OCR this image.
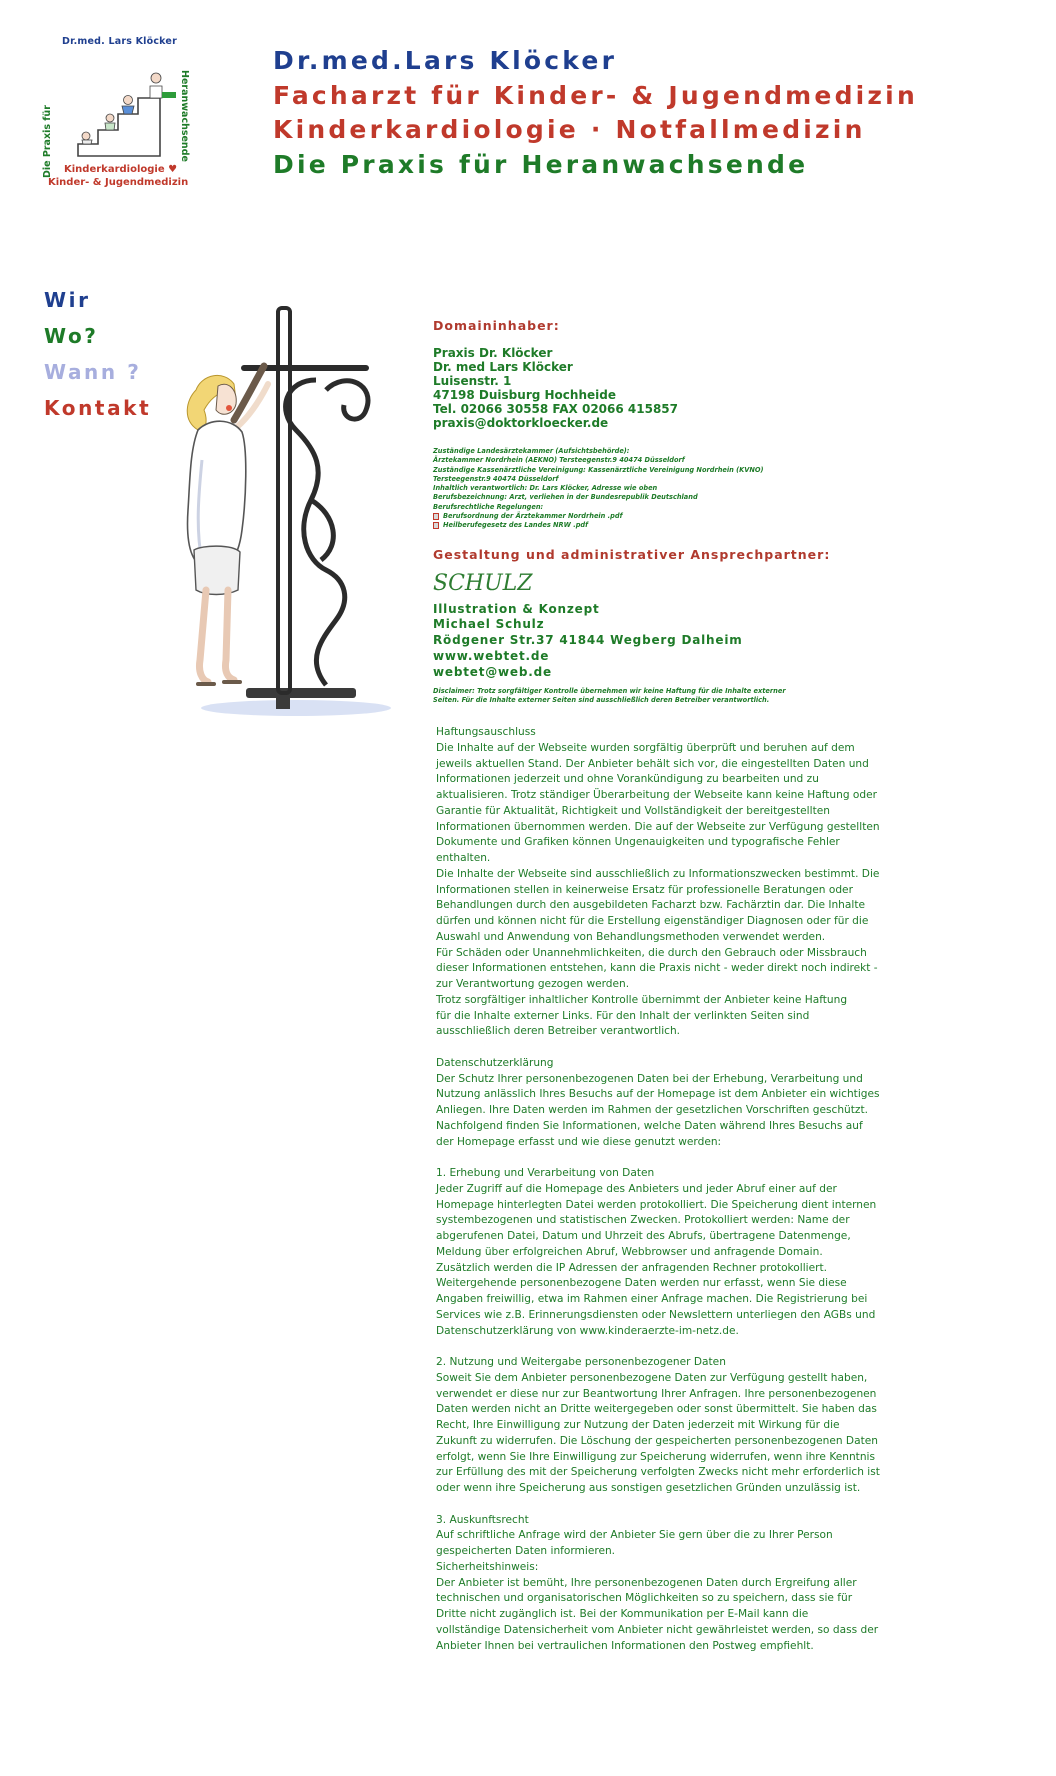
Dr.med. Lars Klöcker
Die Praxis für	Heranwachsende
Kinderkardiologie ♥
Kinder- & Jugendmedizin
Dr.med.Lars Klöcker
Facharzt für Kinder- & Jugendmedizin
Kinderkardiologie · Notfallmedizin
Die Praxis für Heranwachsende
Wir
Wo?
Wann ?
Kontakt
Domaininhaber:
Praxis Dr. Klöcker
Dr. med Lars Klöcker
Luisenstr. 1
47198 Duisburg Hochheide
Tel. 02066 30558 FAX 02066 415857
praxis@doktorkloecker.de
Zuständige Landesärztekammer (Aufsichtsbehörde):
Ärztekammer Nordrhein (AEKNO) Tersteegenstr.9 40474 Düsseldorf
Zuständige Kassenärztliche Vereinigung: Kassenärztliche Vereinigung Nordrhein (KVNO)
Tersteegenstr.9 40474 Düsseldorf
Inhaltlich verantwortlich: Dr. Lars Klöcker, Adresse wie oben
Berufsbezeichnung: Arzt, verliehen in der Bundesrepublik Deutschland
Berufsrechtliche Regelungen:
Berufsordnung der Ärztekammer Nordrhein .pdf
Heilberufegesetz des Landes NRW .pdf
Gestaltung und administrativer Ansprechpartner:
SCHULZ
Illustration & Konzept
Michael Schulz
Rödgener Str.37 41844 Wegberg Dalheim
www.webtet.de
webtet@web.de
Disclaimer: Trotz sorgfältiger Kontrolle übernehmen wir keine Haftung für die Inhalte externer
Seiten. Für die Inhalte externer Seiten sind ausschließlich deren Betreiber verantwortlich.
Haftungsauschluss
Die Inhalte auf der Webseite wurden sorgfältig überprüft und beruhen auf dem
jeweils aktuellen Stand. Der Anbieter behält sich vor, die eingestellten Daten und
Informationen jederzeit und ohne Vorankündigung zu bearbeiten und zu
aktualisieren. Trotz ständiger Überarbeitung der Webseite kann keine Haftung oder
Garantie für Aktualität, Richtigkeit und Vollständigkeit der bereitgestellten
Informationen übernommen werden. Die auf der Webseite zur Verfügung gestellten
Dokumente und Grafiken können Ungenauigkeiten und typografische Fehler
enthalten.
Die Inhalte der Webseite sind ausschließlich zu Informationszwecken bestimmt. Die
Informationen stellen in keinerweise Ersatz für professionelle Beratungen oder
Behandlungen durch den ausgebildeten Facharzt bzw. Fachärztin dar. Die Inhalte
dürfen und können nicht für die Erstellung eigenständiger Diagnosen oder für die
Auswahl und Anwendung von Behandlungsmethoden verwendet werden.
Für Schäden oder Unannehmlichkeiten, die durch den Gebrauch oder Missbrauch
dieser Informationen entstehen, kann die Praxis nicht - weder direkt noch indirekt -
zur Verantwortung gezogen werden.
Trotz sorgfältiger inhaltlicher Kontrolle übernimmt der Anbieter keine Haftung
für die Inhalte externer Links. Für den Inhalt der verlinkten Seiten sind
ausschließlich deren Betreiber verantwortlich.
Datenschutzerklärung
Der Schutz Ihrer personenbezogenen Daten bei der Erhebung, Verarbeitung und
Nutzung anlässlich Ihres Besuchs auf der Homepage ist dem Anbieter ein wichtiges
Anliegen. Ihre Daten werden im Rahmen der gesetzlichen Vorschriften geschützt.
Nachfolgend finden Sie Informationen, welche Daten während Ihres Besuchs auf
der Homepage erfasst und wie diese genutzt werden:
1. Erhebung und Verarbeitung von Daten
Jeder Zugriff auf die Homepage des Anbieters und jeder Abruf einer auf der
Homepage hinterlegten Datei werden protokolliert. Die Speicherung dient internen
systembezogenen und statistischen Zwecken. Protokolliert werden: Name der
abgerufenen Datei, Datum und Uhrzeit des Abrufs, übertragene Datenmenge,
Meldung über erfolgreichen Abruf, Webbrowser und anfragende Domain.
Zusätzlich werden die IP Adressen der anfragenden Rechner protokolliert.
Weitergehende personenbezogene Daten werden nur erfasst, wenn Sie diese
Angaben freiwillig, etwa im Rahmen einer Anfrage machen. Die Registrierung bei
Services wie z.B. Erinnerungsdiensten oder Newslettern unterliegen den AGBs und
Datenschutzerklärung von www.kinderaerzte-im-netz.de.
2. Nutzung und Weitergabe personenbezogener Daten
Soweit Sie dem Anbieter personenbezogene Daten zur Verfügung gestellt haben,
verwendet er diese nur zur Beantwortung Ihrer Anfragen. Ihre personenbezogenen
Daten werden nicht an Dritte weitergegeben oder sonst übermittelt. Sie haben das
Recht, Ihre Einwilligung zur Nutzung der Daten jederzeit mit Wirkung für die
Zukunft zu widerrufen. Die Löschung der gespeicherten personenbezogenen Daten
erfolgt, wenn Sie Ihre Einwilligung zur Speicherung widerrufen, wenn ihre Kenntnis
zur Erfüllung des mit der Speicherung verfolgten Zwecks nicht mehr erforderlich ist
oder wenn ihre Speicherung aus sonstigen gesetzlichen Gründen unzulässig ist.
3. Auskunftsrecht
Auf schriftliche Anfrage wird der Anbieter Sie gern über die zu Ihrer Person
gespeicherten Daten informieren.
Sicherheitshinweis:
Der Anbieter ist bemüht, Ihre personenbezogenen Daten durch Ergreifung aller
technischen und organisatorischen Möglichkeiten so zu speichern, dass sie für
Dritte nicht zugänglich ist. Bei der Kommunikation per E-Mail kann die
vollständige Datensicherheit vom Anbieter nicht gewährleistet werden, so dass der
Anbieter Ihnen bei vertraulichen Informationen den Postweg empfiehlt.
